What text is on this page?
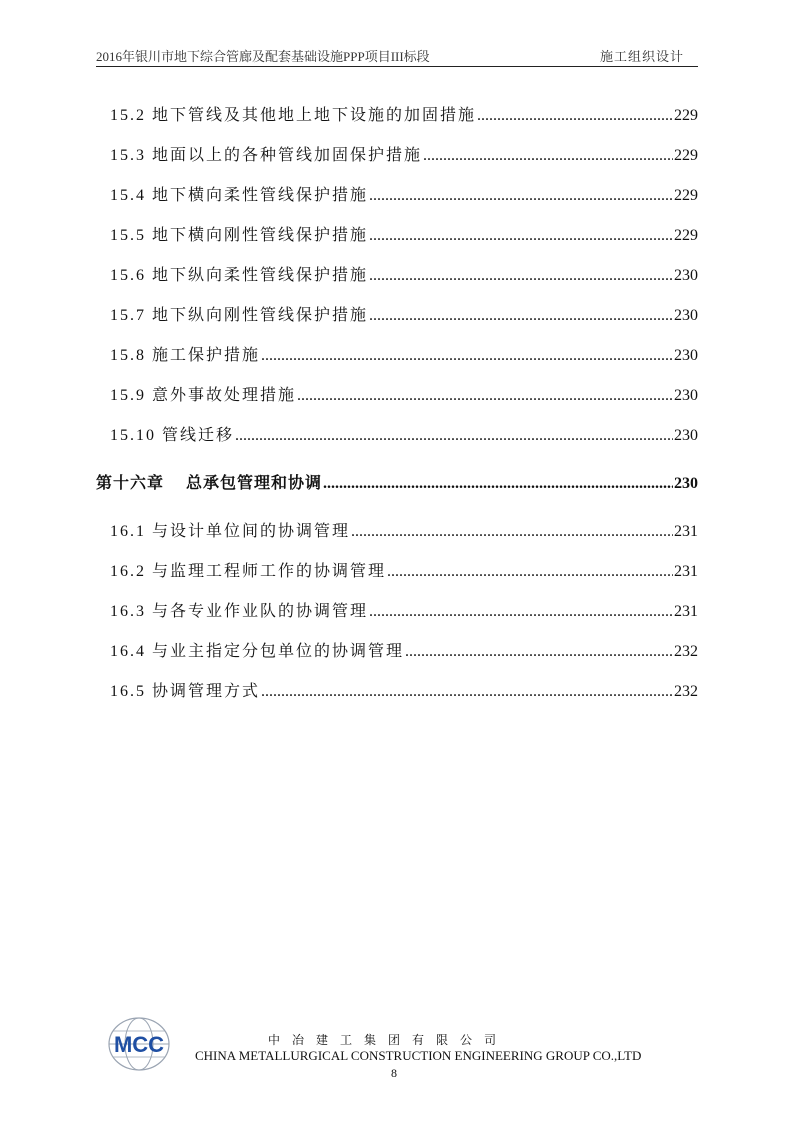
2016年银川市地下综合管廊及配套基础设施PPP项目III标段	施工组织设计
15.2 地下管线及其他地上地下设施的加固措施 .....	229
15.3 地面以上的各种管线加固保护措施 .....	229
15.4 地下横向柔性管线保护措施 .....	229
15.5 地下横向刚性管线保护措施 .....	229
15.6 地下纵向柔性管线保护措施 .....	230
15.7 地下纵向刚性管线保护措施 .....	230
15.8 施工保护措施 .....	230
15.9 意外事故处理措施 .....	230
15.10 管线迁移 .....	230
第十六章　 总承包管理和协调 .....	230
16.1 与设计单位间的协调管理 .....	231
16.2 与监理工程师工作的协调管理 .....	231
16.3 与各专业作业队的协调管理 .....	231
16.4 与业主指定分包单位的协调管理 .....	232
16.5 协调管理方式 .....	232
MCC	中冶建工集团有限公司
CHINA METALLURGICAL CONSTRUCTION ENGINEERING GROUP CO.,LTD
8
